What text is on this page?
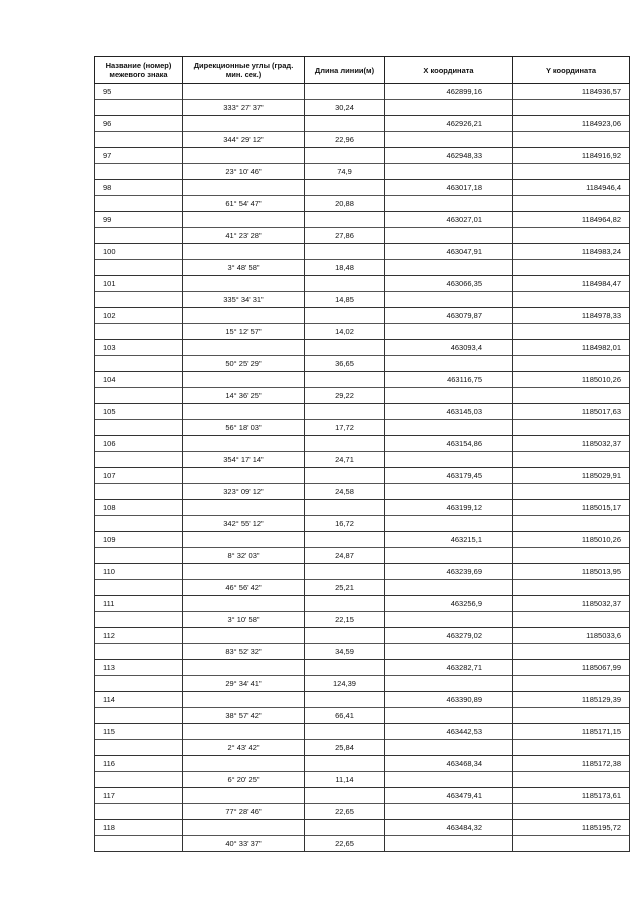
Название (номер) межевого знака	Дирекционные углы (град. мин. сек.)	Длина линии(м)	X координата	Y координата
95			462899,16	1184936,57
	333° 27' 37"	30,24		
96			462926,21	1184923,06
	344° 29' 12"	22,96		
97			462948,33	1184916,92
	23° 10' 46"	74,9		
98			463017,18	1184946,4
	61° 54' 47"	20,88		
99			463027,01	1184964,82
	41° 23' 28"	27,86		
100			463047,91	1184983,24
	3° 48' 58"	18,48		
101			463066,35	1184984,47
	335° 34' 31"	14,85		
102			463079,87	1184978,33
	15° 12' 57"	14,02		
103			463093,4	1184982,01
	50° 25' 29"	36,65		
104			463116,75	1185010,26
	14° 36' 25"	29,22		
105			463145,03	1185017,63
	56° 18' 03"	17,72		
106			463154,86	1185032,37
	354° 17' 14"	24,71		
107			463179,45	1185029,91
	323° 09' 12"	24,58		
108			463199,12	1185015,17
	342° 55' 12"	16,72		
109			463215,1	1185010,26
	8° 32' 03"	24,87		
110			463239,69	1185013,95
	46° 56' 42"	25,21		
111			463256,9	1185032,37
	3° 10' 58"	22,15		
112			463279,02	1185033,6
	83° 52' 32"	34,59		
113			463282,71	1185067,99
	29° 34' 41"	124,39		
114			463390,89	1185129,39
	38° 57' 42"	66,41		
115			463442,53	1185171,15
	2° 43' 42"	25,84		
116			463468,34	1185172,38
	6° 20' 25"	11,14		
117			463479,41	1185173,61
	77° 28' 46"	22,65		
118			463484,32	1185195,72
	40° 33' 37"	22,65		
